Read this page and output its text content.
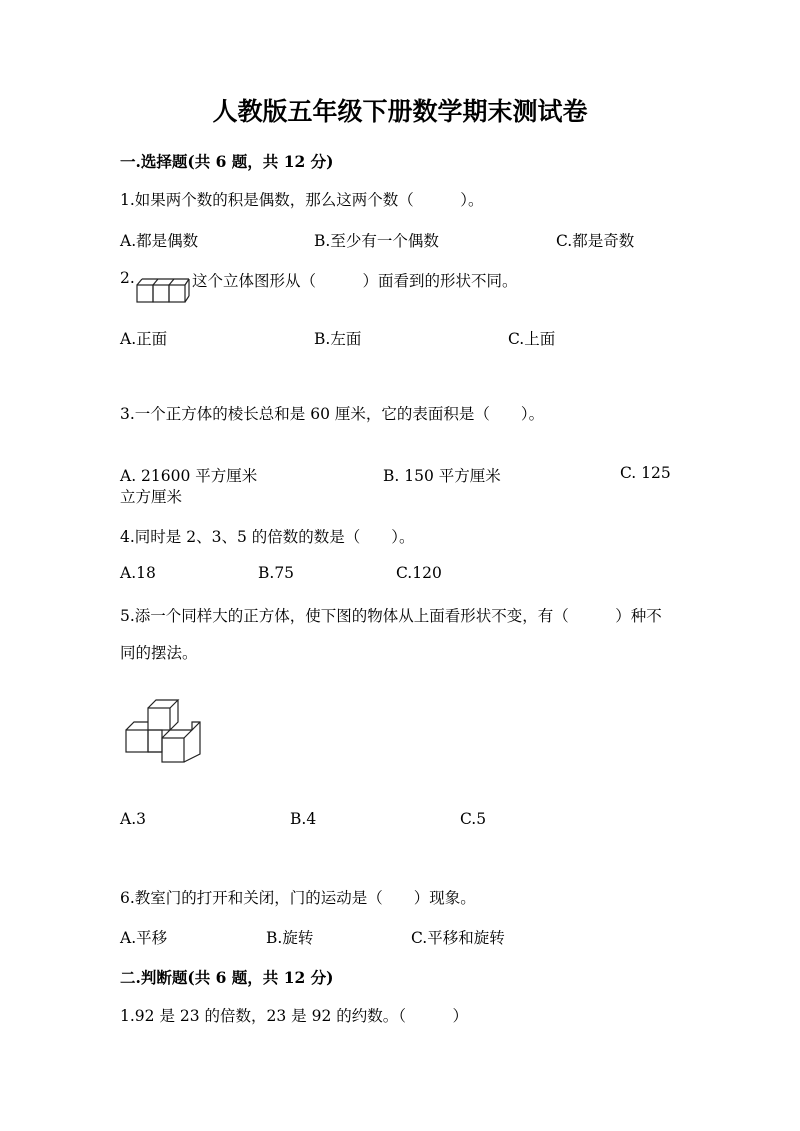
人教版五年级下册数学期末测试卷
一.选择题(共 6 题，共 12 分)
1.如果两个数的积是偶数，那么这两个数（　　　）。
A.都是偶数	B.至少有一个偶数	C.都是奇数
2.	这个立体图形从（　　　）面看到的形状不同。
A.正面	B.左面	C.上面
3.一个正方体的棱长总和是 60 厘米，它的表面积是（　　）。
A. 21600 平方厘米	B. 150 平方厘米	C. 125
立方厘米
4.同时是 2、3、5 的倍数的数是（　　）。
A.18	B.75	C.120
5.添一个同样大的正方体，使下图的物体从上面看形状不变，有（　　　）种不
同的摆法。
A.3	B.4	C.5
6.教室门的打开和关闭，门的运动是（　　）现象。
A.平移	B.旋转	C.平移和旋转
二.判断题(共 6 题，共 12 分)
1.92 是 23 的倍数，23 是 92 的约数。（　　　）
